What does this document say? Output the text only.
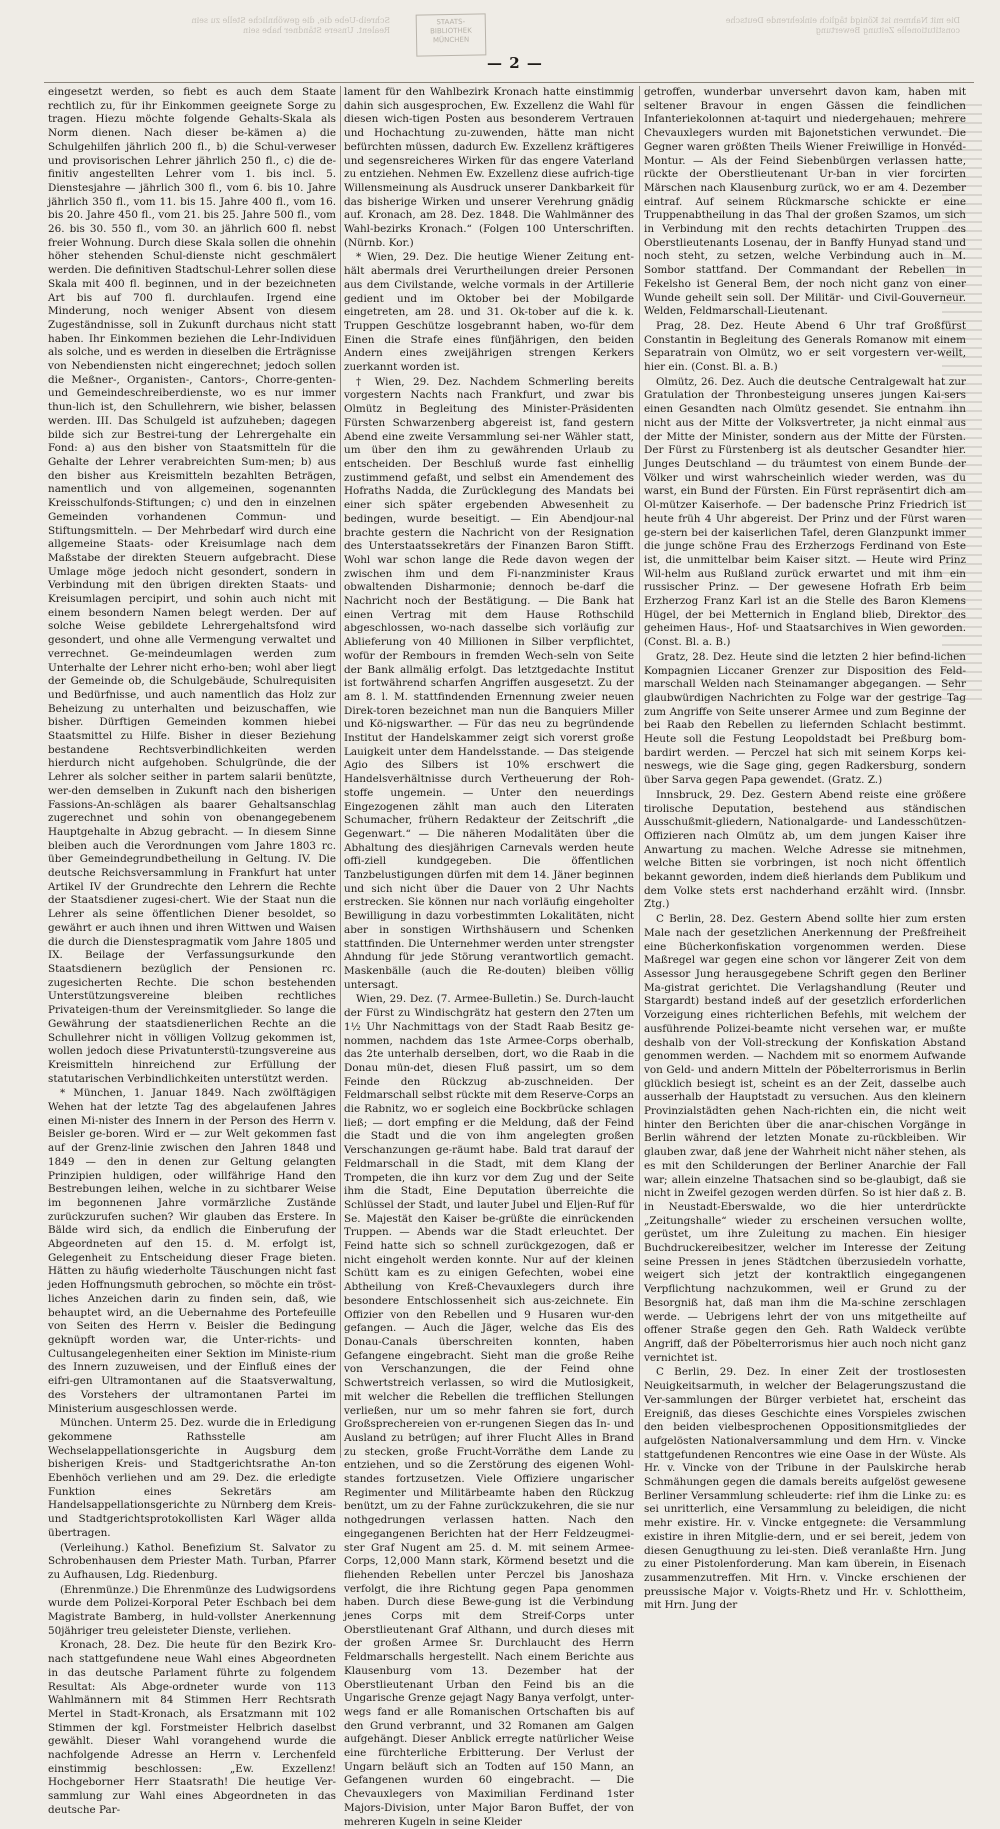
Schreib-Uebe die, die gewöhnliche Stelle zu sein Realent. Unsere Ständner habe sein
Die mit Nahmen ist Königd täglich einkehrende Deutsche constitutionelle Zeitung Bewertung
STAATS-
BIBLIOTHEK
MÜNCHEN
— 2 —

eingesetzt werden, so fiebt es auch dem Staate rechtlich zu, für ihr Einkommen geeignete Sorge zu tragen. Hiezu möchte folgende Gehalts-Skala als Norm dienen. Nach dieser be-kämen a) die Schulgehilfen jährlich 200 fl., b) die Schul-verweser und provisorischen Lehrer jährlich 250 fl., c) die de-finitiv angestellten Lehrer vom 1. bis incl. 5. Dienstesjahre — jährlich 300 fl., vom 6. bis 10. Jahre jährlich 350 fl., vom 11. bis 15. Jahre 400 fl., vom 16. bis 20. Jahre 450 fl., vom 21. bis 25. Jahre 500 fl., vom 26. bis 30. 550 fl., vom 30. an jährlich 600 fl. nebst freier Wohnung. Durch diese Skala sollen die ohnehin höher stehenden Schul-dienste nicht geschmälert werden. Die definitiven Stadtschul-Lehrer sollen diese Skala mit 400 fl. beginnen, und in der bezeichneten Art bis auf 700 fl. durchlaufen. Irgend eine Minderung, noch weniger Absent von diesem Zugeständnisse, soll in Zukunft durchaus nicht statt haben. Ihr Einkommen beziehen die Lehr-Individuen als solche, und es werden in dieselben die Erträgnisse von Nebendiensten nicht eingerechnet; jedoch sollen die Meßner-, Organisten-, Cantors-, Chorre-genten- und Gemeindeschreiberdienste, wo es nur immer thun-lich ist, den Schullehrern, wie bisher, belassen werden. III. Das Schulgeld ist aufzuheben; dagegen bilde sich zur Bestrei-tung der Lehrergehalte ein Fond: a) aus den bisher von Staatsmitteln für die Gehalte der Lehrer verabreichten Sum-men; b) aus den bisher aus Kreismitteln bezahlten Beträgen, namentlich und von allgemeinen, sogenannten Kreisschulfonds-Stiftungen; c) und den in einzelnen Gemeinden vorhandenen Commun- und Stiftungsmitteln. — Der Mehrbedarf wird durch eine allgemeine Staats- oder Kreisumlage nach dem Maßstabe der direkten Steuern aufgebracht. Diese Umlage möge jedoch nicht gesondert, sondern in Verbindung mit den übrigen direkten Staats- und Kreisumlagen percipirt, und sohin auch nicht mit einem besondern Namen belegt werden. Der auf solche Weise gebildete Lehrergehaltsfond wird gesondert, und ohne alle Vermengung verwaltet und verrechnet. Ge-meindeumlagen werden zum Unterhalte der Lehrer nicht erho-ben; wohl aber liegt der Gemeinde ob, die Schulgebäude, Schulrequisiten und Bedürfnisse, und auch namentlich das Holz zur Beheizung zu unterhalten und beizuschaffen, wie bisher. Dürftigen Gemeinden kommen hiebei Staatsmittel zu Hilfe. Bisher in dieser Beziehung bestandene Rechtsverbindlichkeiten werden hierdurch nicht aufgehoben. Schulgründe, die der Lehrer als solcher seither in partem salarii benützte, wer-den demselben in Zukunft nach den bisherigen Fassions-An-schlägen als baarer Gehaltsanschlag zugerechnet und sohin von obenangegebenem Hauptgehalte in Abzug gebracht. — In diesem Sinne bleiben auch die Verordnungen vom Jahre 1803 rc. über Gemeindegrundbetheilung in Geltung. IV. Die deutsche Reichsversammlung in Frankfurt hat unter Artikel IV der Grundrechte den Lehrern die Rechte der Staatsdiener zugesi-chert. Wie der Staat nun die Lehrer als seine öffentlichen Diener besoldet, so gewährt er auch ihnen und ihren Wittwen und Waisen die durch die Dienstespragmatik vom Jahre 1805 und IX. Beilage der Verfassungsurkunde den Staatsdienern bezüglich der Pensionen rc. zugesicherten Rechte. Die schon bestehenden Unterstützungsvereine bleiben rechtliches Privateigen-thum der Vereinsmitglieder. So lange die Gewährung der staatsdienerlichen Rechte an die Schullehrer nicht in völligen Vollzug gekommen ist, wollen jedoch diese Privatunterstü-tzungsvereine aus Kreismitteln hinreichend zur Erfüllung der statutarischen Verbindlichkeiten unterstützt werden.

* München, 1. Januar 1849. Nach zwölftägigen Wehen hat der letzte Tag des abgelaufenen Jahres einen Mi-nister des Innern in der Person des Herrn v. Beisler ge-boren. Wird er — zur Welt gekommen fast auf der Grenz-linie zwischen den Jahren 1848 und 1849 — den in denen zur Geltung gelangten Prinzipien huldigen, oder willfährige Hand den Bestrebungen leihen, welche in zu sichtbarer Weise im begonnenen Jahre vormärzliche Zustände zurückzurufen suchen? Wir glauben das Erstere. In Bälde wird sich, da endlich die Einberufung der Abgeordneten auf den 15. d. M. erfolgt ist, Gelegenheit zu Entscheidung dieser Frage bieten. Hätten zu häufig wiederholte Täuschungen nicht fast jeden Hoffnungsmuth gebrochen, so möchte ein tröst-liches Anzeichen darin zu finden sein, daß, wie behauptet wird, an die Uebernahme des Portefeuille von Seiten des Herrn v. Beisler die Bedingung geknüpft worden war, die Unter-richts- und Cultusangelegenheiten einer Sektion im Ministe-rium des Innern zuzuweisen, und der Einfluß eines der eifri-gen Ultramontanen auf die Staatsverwaltung, des Vorstehers der ultramontanen Partei im Ministerium ausgeschlossen werde.

München. Unterm 25. Dez. wurde die in Erledigung gekommene Rathsstelle am Wechselappellationsgerichte in Augsburg dem bisherigen Kreis- und Stadtgerichtsrathe An-ton Ebenhöch verliehen und am 29. Dez. die erledigte Funktion eines Sekretärs am Handelsappellationsgerichte zu Nürnberg dem Kreis- und Stadtgerichtsprotokollisten Karl Wäger allda übertragen.

(Verleihung.) Kathol. Benefizium St. Salvator zu Schrobenhausen dem Priester Math. Turban, Pfarrer zu Aufhausen, Ldg. Riedenburg.

(Ehrenmünze.) Die Ehrenmünze des Ludwigsordens wurde dem Polizei-Korporal Peter Eschbach bei dem Magistrate Bamberg, in huld-vollster Anerkennung 50jähriger treu geleisteter Dienste, verliehen.

Kronach, 28. Dez. Die heute für den Bezirk Kro-nach stattgefundene neue Wahl eines Abgeordneten in das deutsche Parlament führte zu folgendem Resultat: Als Abge-ordneter wurde von 113 Wahlmännern mit 84 Stimmen Herr Rechtsrath Mertel in Stadt-Kronach, als Ersatzmann mit 102 Stimmen der kgl. Forstmeister Helbrich daselbst gewählt. Dieser Wahl vorangehend wurde die nachfolgende Adresse an Herrn v. Lerchenfeld einstimmig beschlossen: „Ew. Exzellenz! Hochgeborner Herr Staatsrath! Die heutige Ver-sammlung zur Wahl eines Abgeordneten in das deutsche Par-

lament für den Wahlbezirk Kronach hatte einstimmig dahin sich ausgesprochen, Ew. Exzellenz die Wahl für diesen wich-tigen Posten aus besonderem Vertrauen und Hochachtung zu-zuwenden, hätte man nicht befürchten müssen, dadurch Ew. Exzellenz kräftigeres und segensreicheres Wirken für das engere Vaterland zu entziehen. Nehmen Ew. Exzellenz diese aufrich-tige Willensmeinung als Ausdruck unserer Dankbarkeit für das bisherige Wirken und unserer Verehrung gnädig auf. Kronach, am 28. Dez. 1848. Die Wahlmänner des Wahl-bezirks Kronach.“ (Folgen 100 Unterschriften. (Nürnb. Kor.)

* Wien, 29. Dez. Die heutige Wiener Zeitung ent-hält abermals drei Verurtheilungen dreier Personen aus dem Civilstande, welche vormals in der Artillerie gedient und im Oktober bei der Mobilgarde eingetreten, am 28. und 31. Ok-tober auf die k. k. Truppen Geschütze losgebrannt haben, wo-für dem Einen die Strafe eines fünfjährigen, den beiden Andern eines zweijährigen strengen Kerkers zuerkannt worden ist.

† Wien, 29. Dez. Nachdem Schmerling bereits vorgestern Nachts nach Frankfurt, und zwar bis Olmütz in Begleitung des Minister-Präsidenten Fürsten Schwarzenberg abgereist ist, fand gestern Abend eine zweite Versammlung sei-ner Wähler statt, um über den ihm zu gewährenden Urlaub zu entscheiden. Der Beschluß wurde fast einhellig zustimmend gefaßt, und selbst ein Amendement des Hofraths Nadda, die Zurücklegung des Mandats bei einer sich später ergebenden Abwesenheit zu bedingen, wurde beseitigt. — Ein Abendjour-nal brachte gestern die Nachricht von der Resignation des Unterstaatssekretärs der Finanzen Baron Stifft. Wohl war schon lange die Rede davon wegen der zwischen ihm und dem Fi-nanzminister Kraus obwaltenden Disharmonie; dennoch be-darf die Nachricht noch der Bestätigung. — Die Bank hat einen Vertrag mit dem Hause Rothschild abgeschlossen, wo-nach dasselbe sich vorläufig zur Ablieferung von 40 Millionen in Silber verpflichtet, wofür der Rembours in fremden Wech-seln von Seite der Bank allmälig erfolgt. Das letztgedachte Institut ist fortwährend scharfen Angriffen ausgesetzt. Zu der am 8. l. M. stattfindenden Ernennung zweier neuen Direk-toren bezeichnet man nun die Banquiers Miller und Kö-nigswarther. — Für das neu zu begründende Institut der Handelskammer zeigt sich vorerst große Lauigkeit unter dem Handelsstande. — Das steigende Agio des Silbers ist 10% erschwert die Handelsverhältnisse durch Vertheuerung der Roh-stoffe ungemein. — Unter den neuerdings Eingezogenen zählt man auch den Literaten Schumacher, frühern Redakteur der Zeitschrift „die Gegenwart.“ — Die näheren Modalitäten über die Abhaltung des diesjährigen Carnevals werden heute offi-ziell kundgegeben. Die öffentlichen Tanzbelustigungen dürfen mit dem 14. Jäner beginnen und sich nicht über die Dauer von 2 Uhr Nachts erstrecken. Sie können nur nach vorläufig eingeholter Bewilligung in dazu vorbestimmten Lokalitäten, nicht aber in sonstigen Wirthshäusern und Schenken stattfinden. Die Unternehmer werden unter strengster Ahndung für jede Störung verantwortlich gemacht. Maskenbälle (auch die Re-douten) bleiben völlig untersagt.

Wien, 29. Dez. (7. Armee-Bulletin.) Se. Durch-laucht der Fürst zu Windischgrätz hat gestern den 27ten um 1½ Uhr Nachmittags von der Stadt Raab Besitz ge-nommen, nachdem das 1ste Armee-Corps oberhalb, das 2te unterhalb derselben, dort, wo die Raab in die Donau mün-det, diesen Fluß passirt, um so dem Feinde den Rückzug ab-zuschneiden. Der Feldmarschall selbst rückte mit dem Reserve-Corps an die Rabnitz, wo er sogleich eine Bockbrücke schlagen ließ; — dort empfing er die Meldung, daß der Feind die Stadt und die von ihm angelegten großen Verschanzungen ge-räumt habe. Bald trat darauf der Feldmarschall in die Stadt, mit dem Klang der Trompeten, die ihn kurz vor dem Zug und der Seite ihm die Stadt, Eine Deputation überreichte die Schlüssel der Stadt, und lauter Jubel und Eljen-Ruf für Se. Majestät den Kaiser be-grüßte die einrückenden Truppen. — Abends war die Stadt erleuchtet. Der Feind hatte sich so schnell zurückgezogen, daß er nicht eingeholt werden konnte. Nur auf der kleinen Schütt kam es zu einigen Gefechten, wobei eine Abtheilung von Kreß-Chevauxlegers durch ihre besondere Entschlossenheit sich aus-zeichnete. Ein Offizier von den Rebellen und 9 Husaren wur-den gefangen. — Auch die Jäger, welche das Eis des Donau-Canals überschreiten konnten, haben Gefangene eingebracht. Sieht man die große Reihe von Verschanzungen, die der Feind ohne Schwertstreich verlassen, so wird die Mutlosigkeit, mit welcher die Rebellen die trefflichen Stellungen verließen, nur um so mehr fahren sie fort, durch Großsprechereien von er-rungenen Siegen das In- und Ausland zu betrügen; auf ihrer Flucht Alles in Brand zu stecken, große Frucht-Vorräthe dem Lande zu entziehen, und so die Zerstörung des eigenen Wohl-standes fortzusetzen. Viele Offiziere ungarischer Regimenter und Militärbeamte haben den Rückzug benützt, um zu der Fahne zurückzukehren, die sie nur nothgedrungen verlassen hatten. Nach den eingegangenen Berichten hat der Herr Feldzeugmei-ster Graf Nugent am 25. d. M. mit seinem Armee-Corps, 12,000 Mann stark, Körmend besetzt und die fliehenden Rebellen unter Perczel bis Janoshaza verfolgt, die ihre Richtung gegen Papa genommen haben. Durch diese Bewe-gung ist die Verbindung jenes Corps mit dem Streif-Corps unter Oberstlieutenant Graf Althann, und durch dieses mit der großen Armee Sr. Durchlaucht des Herrn Feldmarschalls hergestellt. Nach einem Berichte aus Klausenburg vom 13. Dezember hat der Oberstlieutenant Urban den Feind bis an die Ungarische Grenze gejagt Nagy Banya verfolgt, unter-wegs fand er alle Romanischen Ortschaften bis auf den Grund verbrannt, und 32 Romanen am Galgen aufgehängt. Dieser Anblick erregte natürlicher Weise eine fürchterliche Erbitterung. Der Verlust der Ungarn beläuft sich an Todten auf 150 Mann, an Gefangenen wurden 60 eingebracht. — Die Chevauxlegers von Maximilian Ferdinand 1ster Majors-Division, unter Major Baron Buffet, der von mehreren Kugeln in seine Kleider

getroffen, wunderbar unversehrt davon kam, haben mit seltener Bravour in engen Gässen die feindlichen Infanteriekolonnen at-taquirt und niedergehauen; mehrere Chevauxlegers wurden mit Bajonetstichen verwundet. Die Gegner waren größten Theils Wiener Freiwillige in Honvéd-Montur. — Als der Feind Siebenbürgen verlassen hatte, rückte der Oberstlieutenant Ur-ban in vier forcirten Märschen nach Klausenburg zurück, wo er am 4. Dezember eintraf. Auf seinem Rückmarsche schickte er eine Truppenabtheilung in das Thal der großen Szamos, um sich in Verbindung mit den rechts detachirten Truppen des Oberstlieutenants Losenau, der in Banffy Hunyad stand und noch steht, zu setzen, welche Verbindung auch in M. Sombor stattfand. Der Commandant der Rebellen in Fekelsho ist General Bem, der noch nicht ganz von einer Wunde geheilt sein soll. Der Militär- und Civil-Gouverneur. Welden, Feldmarschall-Lieutenant.

Prag, 28. Dez. Heute Abend 6 Uhr traf Großfürst Constantin in Begleitung des Generals Romanow mit einem Separatrain von Olmütz, wo er seit vorgestern ver-weilt, hier ein. (Const. Bl. a. B.)

Olmütz, 26. Dez. Auch die deutsche Centralgewalt hat zur Gratulation der Thronbesteigung unseres jungen Kai-sers einen Gesandten nach Olmütz gesendet. Sie entnahm ihn nicht aus der Mitte der Volksvertreter, ja nicht einmal aus der Mitte der Minister, sondern aus der Mitte der Fürsten. Der Fürst zu Fürstenberg ist als deutscher Gesandter hier. Junges Deutschland — du träumtest von einem Bunde der Völker und wirst wahrscheinlich wieder werden, was du warst, ein Bund der Fürsten. Ein Fürst repräsentirt dich am Ol-mützer Kaiserhofe. — Der badensche Prinz Friedrich ist heute früh 4 Uhr abgereist. Der Prinz und der Fürst waren ge-stern bei der kaiserlichen Tafel, deren Glanzpunkt immer die junge schöne Frau des Erzherzogs Ferdinand von Este ist, die unmittelbar beim Kaiser sitzt. — Heute wird Prinz Wil-helm aus Rußland zurück erwartet und mit ihm ein russischer Prinz. — Der gewesene Hofrath Erb beim Erzherzog Franz Karl ist an die Stelle des Baron Klemens Hügel, der bei Metternich in England blieb, Direktor des geheimen Haus-, Hof- und Staatsarchives in Wien geworden. (Const. Bl. a. B.)

Gratz, 28. Dez. Heute sind die letzten 2 hier befind-lichen Kompagnien Liccaner Grenzer zur Disposition des Feld-marschall Welden nach Steinamanger abgegangen. — Sehr glaubwürdigen Nachrichten zu Folge war der gestrige Tag zum Angriffe von Seite unserer Armee und zum Beginne der bei Raab den Rebellen zu liefernden Schlacht bestimmt. Heute soll die Festung Leopoldstadt bei Preßburg bom-bardirt werden. — Perczel hat sich mit seinem Korps kei-neswegs, wie die Sage ging, gegen Radkersburg, sondern über Sarva gegen Papa gewendet. (Gratz. Z.)

Innsbruck, 29. Dez. Gestern Abend reiste eine größere tirolische Deputation, bestehend aus ständischen Ausschußmit-gliedern, Nationalgarde- und Landesschützen-Offizieren nach Olmütz ab, um dem jungen Kaiser ihre Anwartung zu machen. Welche Adresse sie mitnehmen, welche Bitten sie vorbringen, ist noch nicht öffentlich bekannt geworden, indem dieß hierlands dem Publikum und dem Volke stets erst nachderhand erzählt wird. (Innsbr. Ztg.)

C Berlin, 28. Dez. Gestern Abend sollte hier zum ersten Male nach der gesetzlichen Anerkennung der Preßfreiheit eine Bücherkonfiskation vorgenommen werden. Diese Maßregel war gegen eine schon vor längerer Zeit von dem Assessor Jung herausgegebene Schrift gegen den Berliner Ma-gistrat gerichtet. Die Verlagshandlung (Reuter und Stargardt) bestand indeß auf der gesetzlich erforderlichen Vorzeigung eines richterlichen Befehls, mit welchem der ausführende Polizei-beamte nicht versehen war, er mußte deshalb von der Voll-streckung der Konfiskation Abstand genommen werden. — Nachdem mit so enormem Aufwande von Geld- und andern Mitteln der Pöbelterrorismus in Berlin glücklich besiegt ist, scheint es an der Zeit, dasselbe auch ausserhalb der Hauptstadt zu versuchen. Aus den kleinern Provinzialstädten gehen Nach-richten ein, die nicht weit hinter den Berichten über die anar-chischen Vorgänge in Berlin während der letzten Monate zu-rückbleiben. Wir glauben zwar, daß jene der Wahrheit nicht näher stehen, als es mit den Schilderungen der Berliner Anarchie der Fall war; allein einzelne Thatsachen sind so be-glaubigt, daß sie nicht in Zweifel gezogen werden dürfen. So ist hier daß z. B. in Neustadt-Eberswalde, wo die hier unterdrückte „Zeitungshalle“ wieder zu erscheinen versuchen wollte, gerüstet, um ihre Zuleitung zu machen. Ein hiesiger Buchdruckereibesitzer, welcher im Interesse der Zeitung seine Pressen in jenes Städtchen überzusiedeln vorhatte, weigert sich jetzt der kontraktlich eingegangenen Verpflichtung nachzukommen, weil er Grund zu der Besorgniß hat, daß man ihm die Ma-schine zerschlagen werde. — Uebrigens lehrt der von uns mitgetheilte auf offener Straße gegen den Geh. Rath Waldeck verübte Angriff, daß der Pöbelterrorismus hier auch noch nicht ganz vernichtet ist.

C Berlin, 29. Dez. In einer Zeit der trostlosesten Neuigkeitsarmuth, in welcher der Belagerungszustand die Ver-sammlungen der Bürger verbietet hat, erscheint das Ereigniß, das dieses Geschichte eines Vorspieles zwischen den beiden vielbesprochenen Oppositionsmitgliedes der aufgelösten Nationalversammlung und dem Hrn. v. Vincke stattgefundenen Rencontres wie eine Oase in der Wüste. Als Hr. v. Vincke von der Tribune in der Paulskirche herab Schmähungen gegen die damals bereits aufgelöst gewesene Berliner Versammlung schleuderte: rief ihm die Linke zu: es sei unritterlich, eine Versammlung zu beleidigen, die nicht mehr existire. Hr. v. Vincke entgegnete: die Versammlung existire in ihren Mitglie-dern, und er sei bereit, jedem von diesen Genugthuung zu lei-sten. Dieß veranlaßte Hrn. Jung zu einer Pistolenforderung. Man kam überein, in Eisenach zusammenzutreffen. Mit Hrn. v. Vincke erschienen der preussische Major v. Voigts-Rhetz und Hr. v. Schlottheim, mit Hrn. Jung der
